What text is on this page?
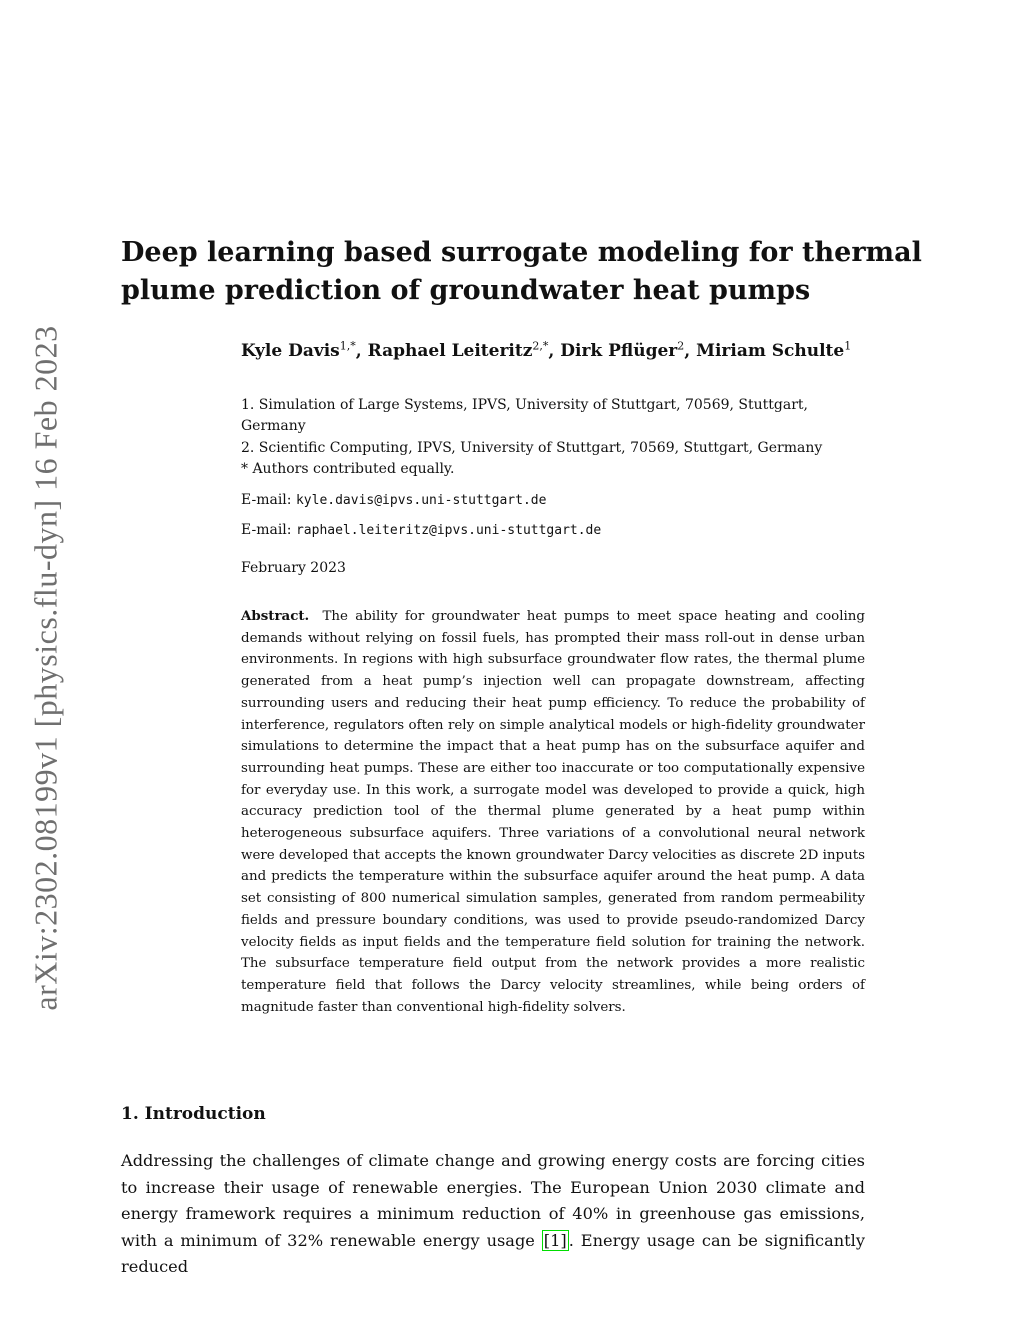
arXiv:2302.08199v1 [physics.flu-dyn] 16 Feb 2023
Deep learning based surrogate modeling for thermal
plume prediction of groundwater heat pumps
Kyle Davis$^{1,*}$, Raphael Leiteritz$^{2,*}$, Dirk Pflüger$^2$, Miriam Schulte$^1$
1. Simulation of Large Systems, IPVS, University of Stuttgart, 70569, Stuttgart,
Germany
2. Scientific Computing, IPVS, University of Stuttgart, 70569, Stuttgart, Germany
* Authors contributed equally.
E-mail: kyle.davis@ipvs.uni-stuttgart.de
E-mail: raphael.leiteritz@ipvs.uni-stuttgart.de
February 2023
Abstract. The ability for groundwater heat pumps to meet space heating and cooling demands without relying on fossil fuels, has prompted their mass roll-out in dense urban environments. In regions with high subsurface groundwater flow rates, the thermal plume generated from a heat pump’s injection well can propagate downstream, affecting surrounding users and reducing their heat pump efficiency. To reduce the probability of interference, regulators often rely on simple analytical models or high-fidelity groundwater simulations to determine the impact that a heat pump has on the subsurface aquifer and surrounding heat pumps. These are either too inaccurate or too computationally expensive for everyday use. In this work, a surrogate model was developed to provide a quick, high accuracy prediction tool of the thermal plume generated by a heat pump within heterogeneous subsurface aquifers. Three variations of a convolutional neural network were developed that accepts the known groundwater Darcy velocities as discrete 2D inputs and predicts the temperature within the subsurface aquifer around the heat pump. A data set consisting of 800 numerical simulation samples, generated from random permeability fields and pressure boundary conditions, was used to provide pseudo-randomized Darcy velocity fields as input fields and the temperature field solution for training the network. The subsurface temperature field output from the network provides a more realistic temperature field that follows the Darcy velocity streamlines, while being orders of magnitude faster than conventional high-fidelity solvers.
1. Introduction
Addressing the challenges of climate change and growing energy costs are forcing cities to increase their usage of renewable energies. The European Union 2030 climate and energy framework requires a minimum reduction of 40% in greenhouse gas emissions, with a minimum of 32% renewable energy usage [1] . Energy usage can be significantly reduced
